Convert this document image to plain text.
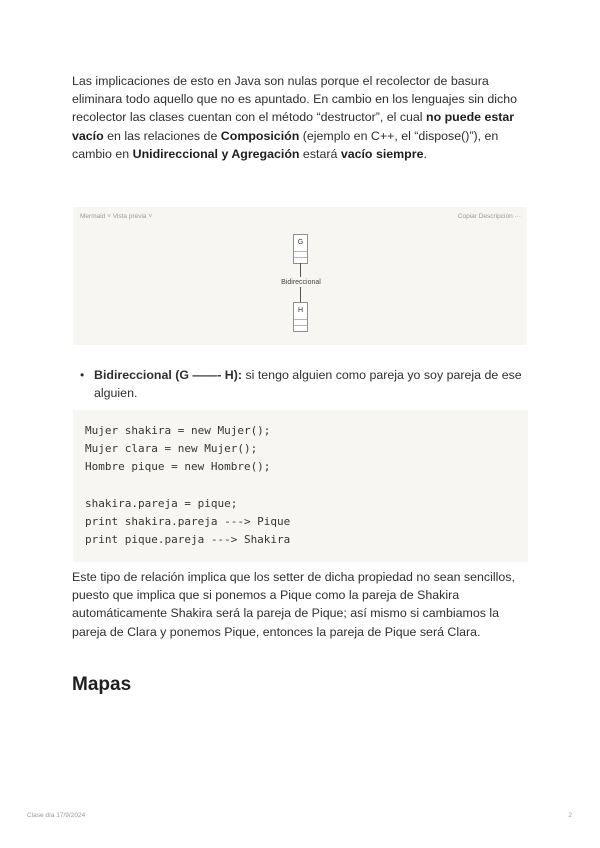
Las implicaciones de esto en Java son nulas porque el recolector de basura eliminara todo aquello que no es apuntado. En cambio en los lenguajes sin dicho recolector las clases cuentan con el método “destructor”, el cual no puede estar vacío en las relaciones de Composición (ejemplo en C++, el “dispose()”), en cambio en Unidireccional y Agregación estará vacío siempre.

Mermaid ˅ Vista previa ˅	Copiar Descripción ···
G
Bidireccional
H
• Bidireccional (G ——- H): si tengo alguien como pareja yo soy pareja de ese alguien.
Mujer shakira = new Mujer();
Mujer clara = new Mujer();
Hombre pique = new Hombre();
shakira.pareja = pique;
print shakira.pareja ---> Pique
print pique.pareja ---> Shakira

Este tipo de relación implica que los setter de dicha propiedad no sean sencillos, puesto que implica que si ponemos a Pique como la pareja de Shakira automáticamente Shakira será la pareja de Pique; así mismo si cambiamos la pareja de Clara y ponemos Pique, entonces la pareja de Pique será Clara.

Mapas
Clase día 17/9/2024	2
